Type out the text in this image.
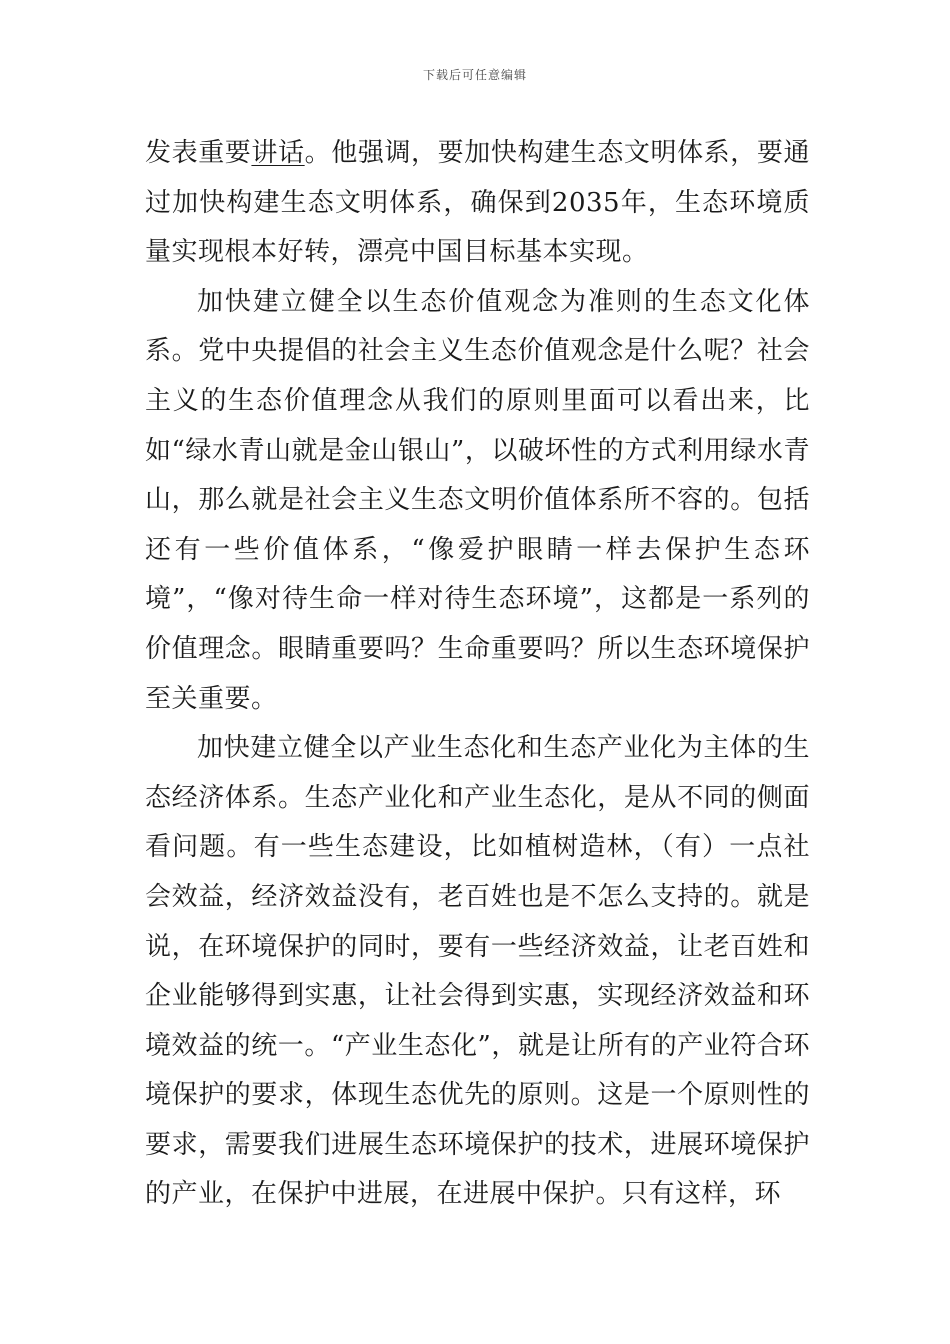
下载后可任意编辑

发表重要讲话。他强调，要加快构建生态文明体系，要通过加快构建生态文明体系，确保到2035年，生态环境质量实现根本好转，漂亮中国目标基本实现。

加快建立健全以生态价值观念为准则的生态文化体系。党中央提倡的社会主义生态价值观念是什么呢？社会主义的生态价值理念从我们的原则里面可以看出来，比如“绿水青山就是金山银山”，以破坏性的方式利用绿水青山，那么就是社会主义生态文明价值体系所不容的。包括还有一些价值体系，“像爱护眼睛一样去保护生态环境”，“像对待生命一样对待生态环境”，这都是一系列的价值理念。眼睛重要吗？生命重要吗？所以生态环境保护至关重要。

加快建立健全以产业生态化和生态产业化为主体的生态经济体系。生态产业化和产业生态化，是从不同的侧面看问题。有一些生态建设，比如植树造林，（有）一点社会效益，经济效益没有，老百姓也是不怎么支持的。就是说，在环境保护的同时，要有一些经济效益，让老百姓和企业能够得到实惠，让社会得到实惠，实现经济效益和环境效益的统一。“产业生态化”，就是让所有的产业符合环境保护的要求，体现生态优先的原则。这是一个原则性的要求，需要我们进展生态环境保护的技术，进展环境保护的产业，在保护中进展，在进展中保护。只有这样，环
